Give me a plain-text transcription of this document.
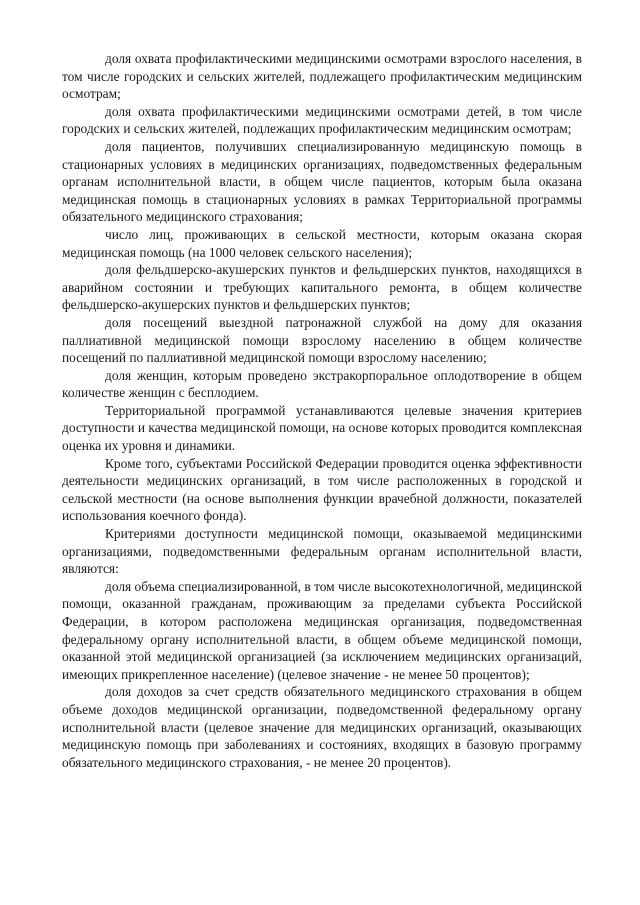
доля охвата профилактическими медицинскими осмотрами взрослого населения, в том числе городских и сельских жителей, подлежащего профилактическим медицинским осмотрам;

доля охвата профилактическими медицинскими осмотрами детей, в том числе городских и сельских жителей, подлежащих профилактическим медицинским осмотрам;

доля пациентов, получивших специализированную медицинскую помощь в стационарных условиях в медицинских организациях, подведомственных федеральным органам исполнительной власти, в общем числе пациентов, которым была оказана медицинская помощь в стационарных условиях в рамках Территориальной программы обязательного медицинского страхования;

число лиц, проживающих в сельской местности, которым оказана скорая медицинская помощь (на 1000 человек сельского населения);

доля фельдшерско-акушерских пунктов и фельдшерских пунктов, находящихся в аварийном состоянии и требующих капитального ремонта, в общем количестве фельдшерско-акушерских пунктов и фельдшерских пунктов;

доля посещений выездной патронажной службой на дому для оказания паллиативной медицинской помощи взрослому населению в общем количестве посещений по паллиативной медицинской помощи взрослому населению;

доля женщин, которым проведено экстракорпоральное оплодотворение в общем количестве женщин с бесплодием.

Территориальной программой устанавливаются целевые значения критериев доступности и качества медицинской помощи, на основе которых проводится комплексная оценка их уровня и динамики.

Кроме того, субъектами Российской Федерации проводится оценка эффективности деятельности медицинских организаций, в том числе расположенных в городской и сельской местности (на основе выполнения функции врачебной должности, показателей использования коечного фонда).

Критериями доступности медицинской помощи, оказываемой медицинскими организациями, подведомственными федеральным органам исполнительной власти, являются:

доля объема специализированной, в том числе высокотехнологичной, медицинской помощи, оказанной гражданам, проживающим за пределами субъекта Российской Федерации, в котором расположена медицинская организация, подведомственная федеральному органу исполнительной власти, в общем объеме медицинской помощи, оказанной этой медицинской организацией (за исключением медицинских организаций, имеющих прикрепленное население) (целевое значение - не менее 50 процентов);

доля доходов за счет средств обязательного медицинского страхования в общем объеме доходов медицинской организации, подведомственной федеральному органу исполнительной власти (целевое значение для медицинских организаций, оказывающих медицинскую помощь при заболеваниях и состояниях, входящих в базовую программу обязательного медицинского страхования, - не менее 20 процентов).
